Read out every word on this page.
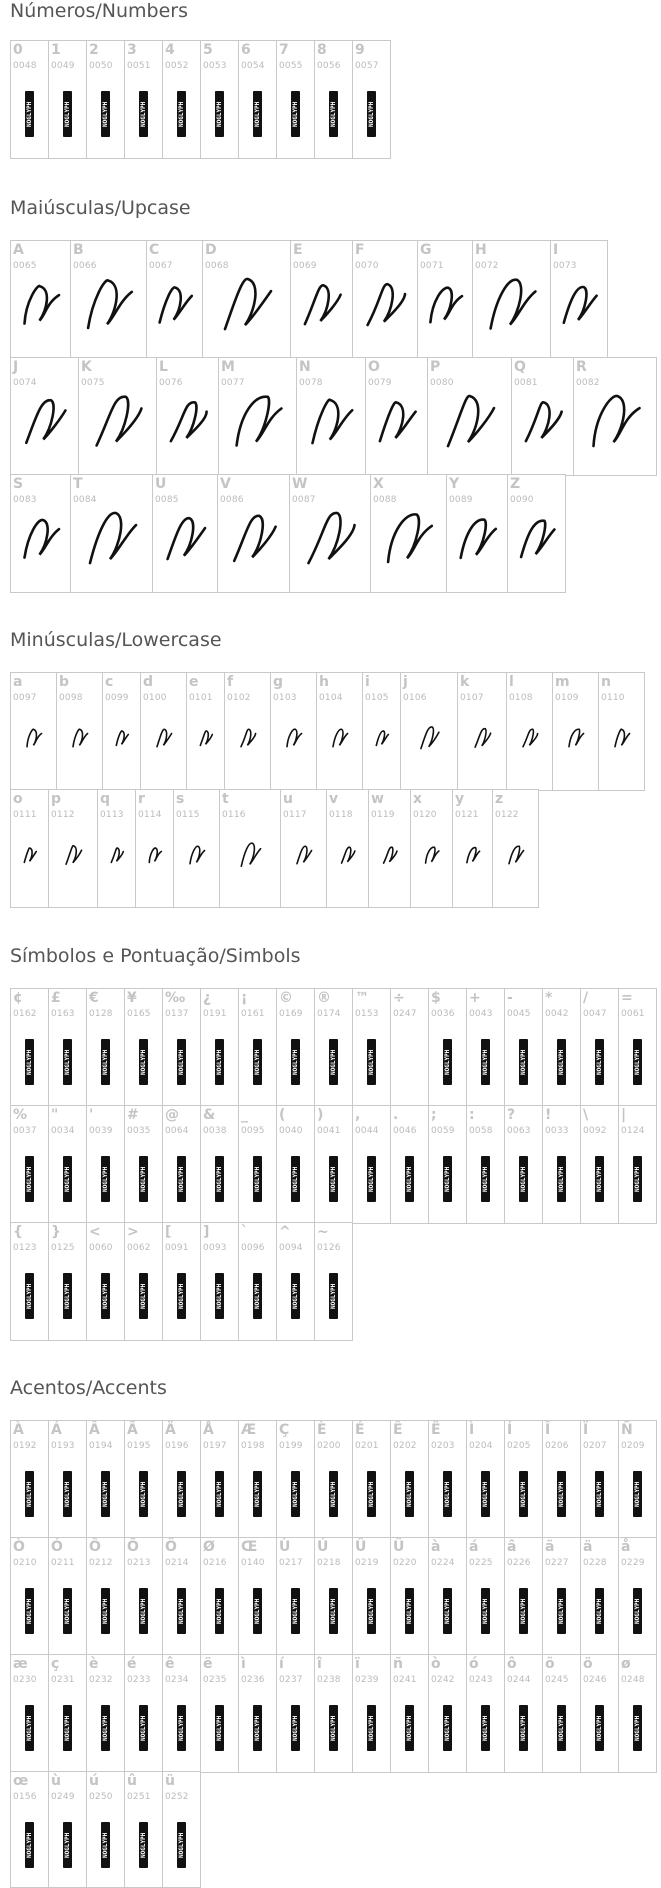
Números/Numbers
0
0048
NOGLYPH
1
0049
NOGLYPH
2
0050
NOGLYPH
3
0051
NOGLYPH
4
0052
NOGLYPH
5
0053
NOGLYPH
6
0054
NOGLYPH
7
0055
NOGLYPH
8
0056
NOGLYPH
9
0057
NOGLYPH
Maiúsculas/Upcase
A
0065
B
0066
C
0067
D
0068
E
0069
F
0070
G
0071
H
0072
I
0073
J
0074
K
0075
L
0076
M
0077
N
0078
O
0079
P
0080
Q
0081
R
0082
S
0083
T
0084
U
0085
V
0086
W
0087
X
0088
Y
0089
Z
0090
Minúsculas/Lowercase
a
0097
b
0098
c
0099
d
0100
e
0101
f
0102
g
0103
h
0104
i
0105
j
0106
k
0107
l
0108
m
0109
n
0110
o
0111
p
0112
q
0113
r
0114
s
0115
t
0116
u
0117
v
0118
w
0119
x
0120
y
0121
z
0122
Símbolos e Pontuação/Simbols
¢
0162
NOGLYPH
£
0163
NOGLYPH
€
0128
NOGLYPH
¥
0165
NOGLYPH
‰
0137
NOGLYPH
¿
0191
NOGLYPH
¡
0161
NOGLYPH
©
0169
NOGLYPH
®
0174
NOGLYPH
™
0153
NOGLYPH
÷
0247
$
0036
NOGLYPH
+
0043
NOGLYPH
-
0045
NOGLYPH
*
0042
NOGLYPH
/
0047
NOGLYPH
=
0061
NOGLYPH
%
0037
NOGLYPH
"
0034
NOGLYPH
'
0039
NOGLYPH
#
0035
NOGLYPH
@
0064
NOGLYPH
&
0038
NOGLYPH
_
0095
NOGLYPH
(
0040
NOGLYPH
)
0041
NOGLYPH
,
0044
NOGLYPH
.
0046
NOGLYPH
;
0059
NOGLYPH
:
0058
NOGLYPH
?
0063
NOGLYPH
!
0033
NOGLYPH
\
0092
NOGLYPH
|
0124
NOGLYPH
{
0123
NOGLYPH
}
0125
NOGLYPH
<
0060
NOGLYPH
>
0062
NOGLYPH
[
0091
NOGLYPH
]
0093
NOGLYPH
`
0096
NOGLYPH
^
0094
NOGLYPH
~
0126
NOGLYPH
Acentos/Accents
À
0192
NOGLYPH
Á
0193
NOGLYPH
Â
0194
NOGLYPH
Ã
0195
NOGLYPH
Ä
0196
NOGLYPH
Å
0197
NOGLYPH
Æ
0198
NOGLYPH
Ç
0199
NOGLYPH
È
0200
NOGLYPH
É
0201
NOGLYPH
Ê
0202
NOGLYPH
Ë
0203
NOGLYPH
Ì
0204
NOGLYPH
Í
0205
NOGLYPH
Î
0206
NOGLYPH
Ï
0207
NOGLYPH
Ñ
0209
NOGLYPH
Ò
0210
NOGLYPH
Ó
0211
NOGLYPH
Ô
0212
NOGLYPH
Õ
0213
NOGLYPH
Ö
0214
NOGLYPH
Ø
0216
NOGLYPH
Œ
0140
NOGLYPH
Ù
0217
NOGLYPH
Ú
0218
NOGLYPH
Û
0219
NOGLYPH
Ü
0220
NOGLYPH
à
0224
NOGLYPH
á
0225
NOGLYPH
â
0226
NOGLYPH
ã
0227
NOGLYPH
ä
0228
NOGLYPH
å
0229
NOGLYPH
æ
0230
NOGLYPH
ç
0231
NOGLYPH
è
0232
NOGLYPH
é
0233
NOGLYPH
ê
0234
NOGLYPH
ë
0235
NOGLYPH
ì
0236
NOGLYPH
í
0237
NOGLYPH
î
0238
NOGLYPH
ï
0239
NOGLYPH
ñ
0241
NOGLYPH
ò
0242
NOGLYPH
ó
0243
NOGLYPH
ô
0244
NOGLYPH
õ
0245
NOGLYPH
ö
0246
NOGLYPH
ø
0248
NOGLYPH
œ
0156
NOGLYPH
ù
0249
NOGLYPH
ú
0250
NOGLYPH
û
0251
NOGLYPH
ü
0252
NOGLYPH
